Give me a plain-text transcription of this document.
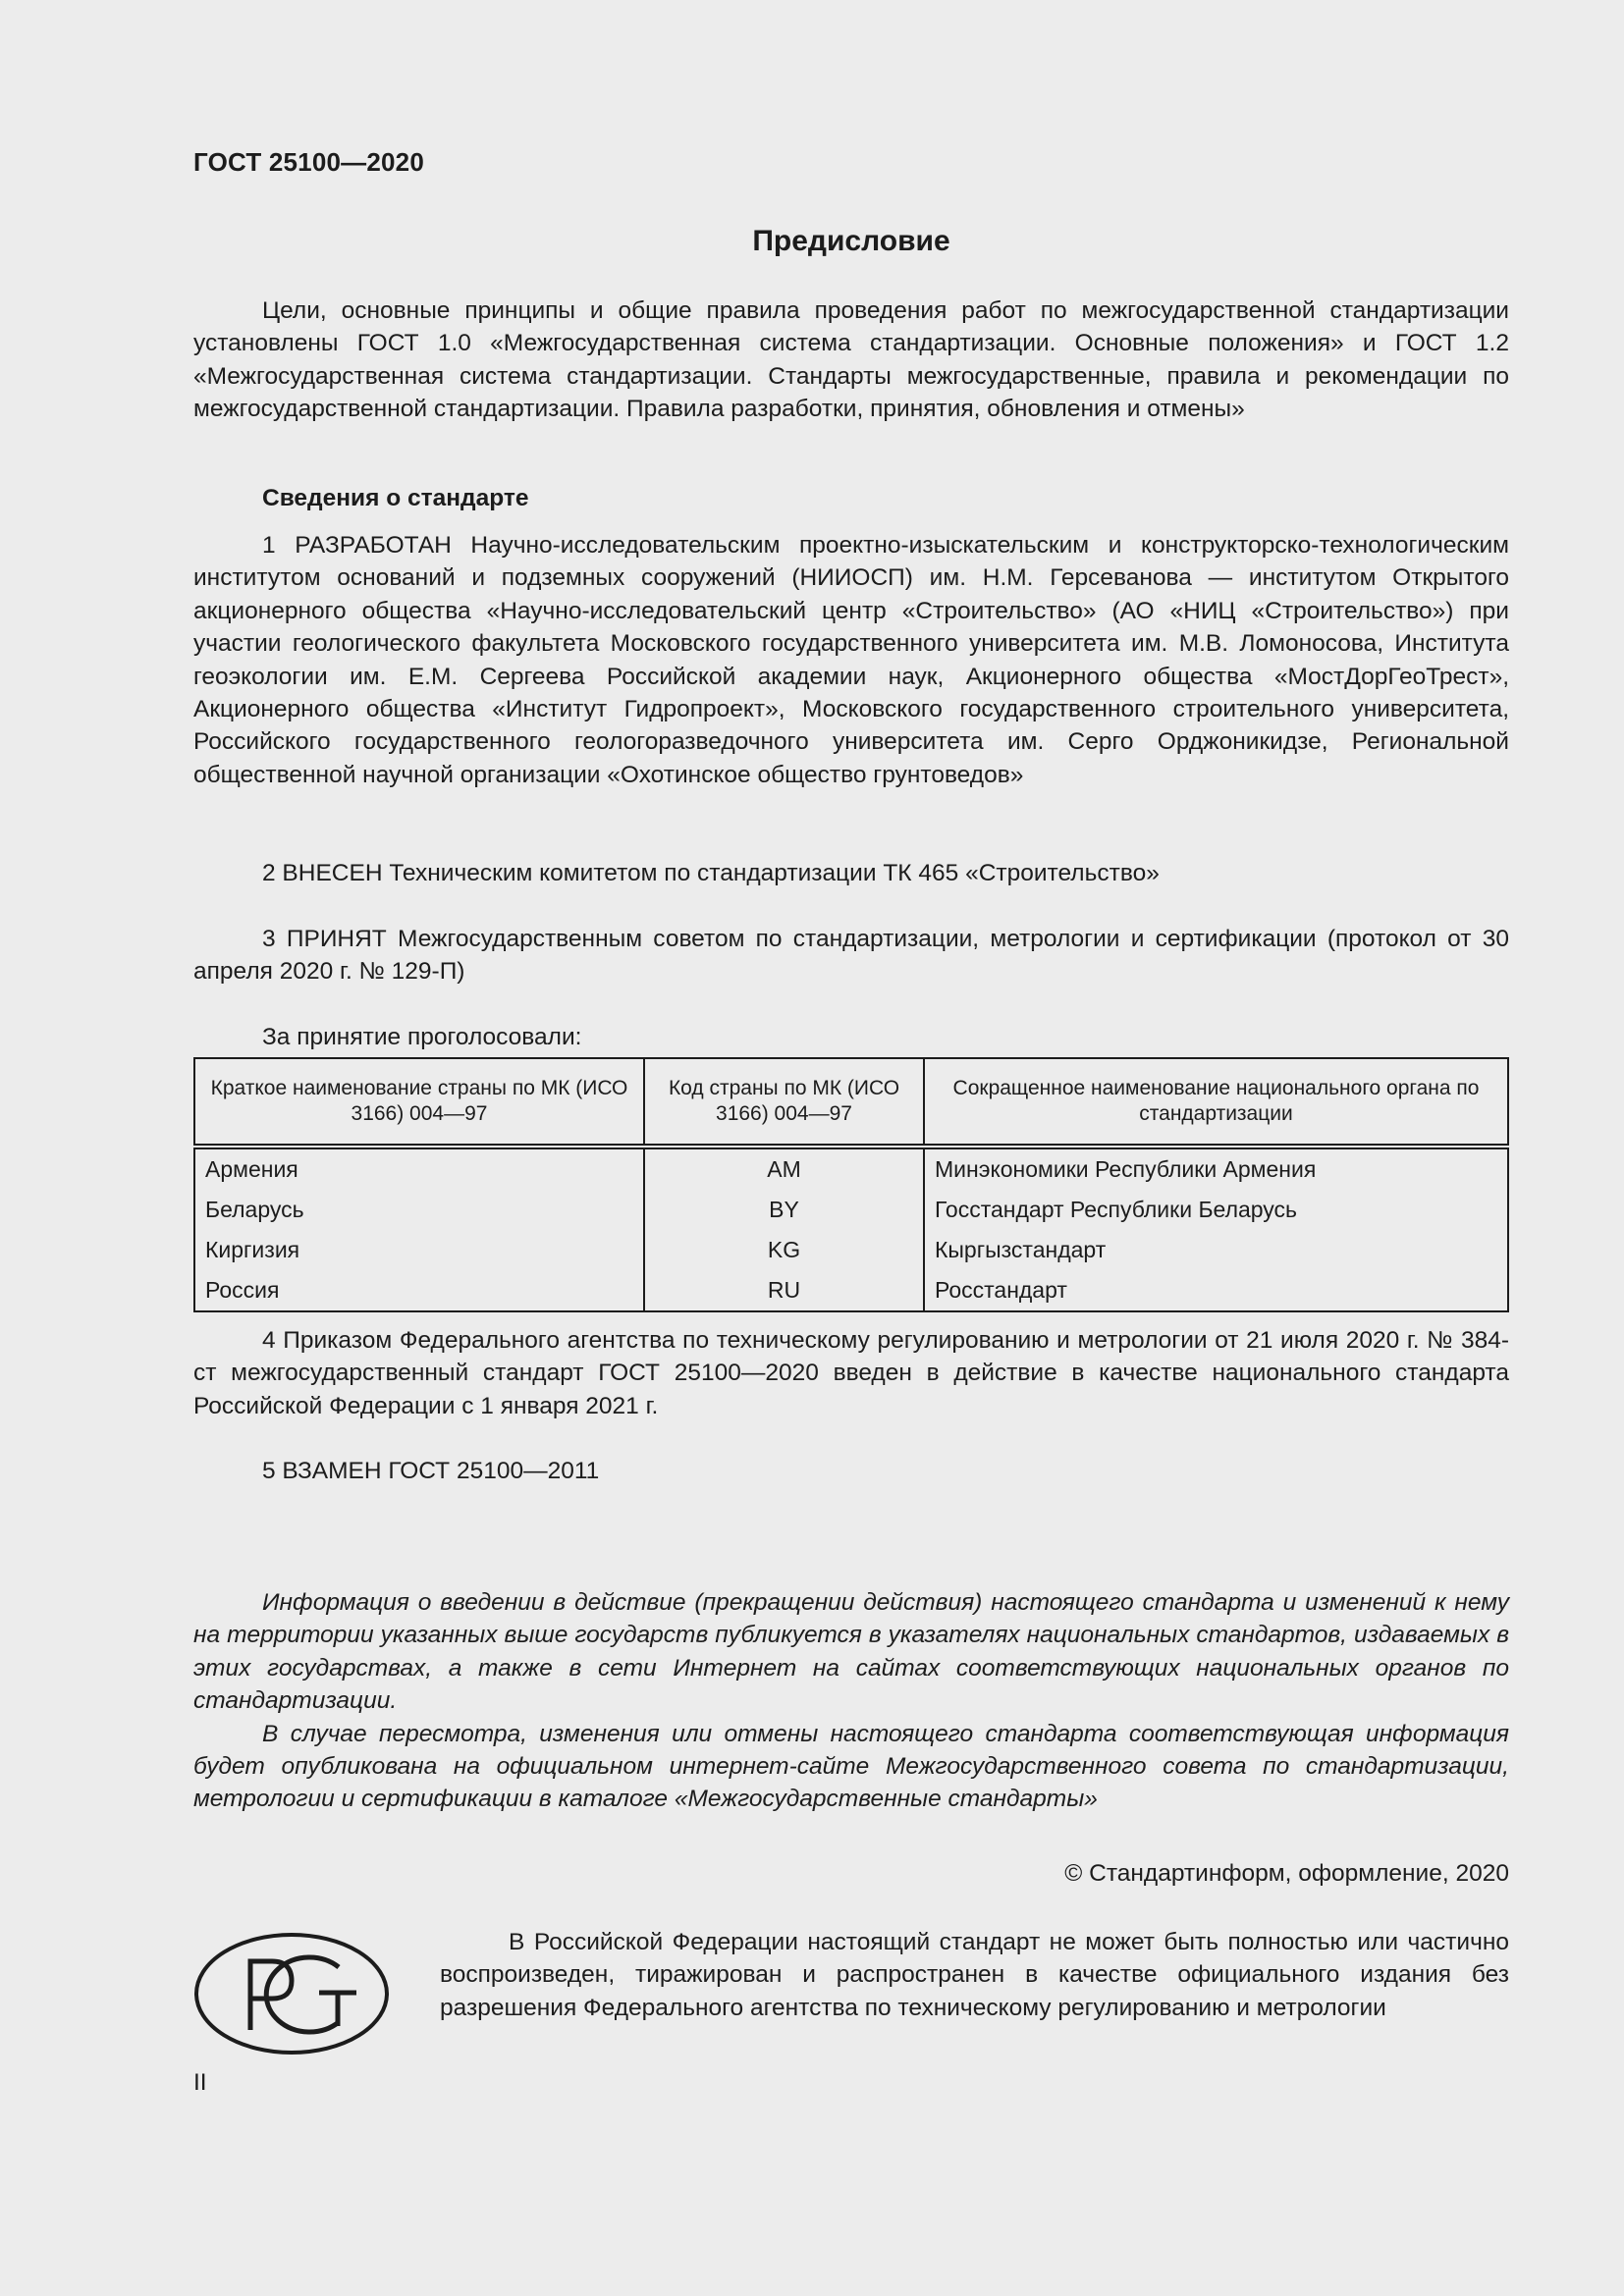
ГОСТ 25100—2020
Предисловие

Цели, основные принципы и общие правила проведения работ по межгосударственной стандартизации установлены ГОСТ 1.0 «Межгосударственная система стандартизации. Основные положения» и ГОСТ 1.2 «Межгосударственная система стандартизации. Стандарты межгосударственные, правила и рекомендации по межгосударственной стандартизации. Правила разработки, принятия, обновления и отмены»

Сведения о стандарте

1 РАЗРАБОТАН Научно-исследовательским проектно-изыскательским и конструкторско-технологическим институтом оснований и подземных сооружений (НИИОСП) им. Н.М. Герсеванова — институтом Открытого акционерного общества «Научно-исследовательский центр «Строительство» (АО «НИЦ «Строительство») при участии геологического факультета Московского государственного университета им. М.В. Ломоносова, Института геоэкологии им. Е.М. Сергеева Российской академии наук, Акционерного общества «МостДорГеоТрест», Акционерного общества «Институт Гидропроект», Московского государственного строительного университета, Российского государственного геологоразведочного университета им. Серго Орджоникидзе, Региональной общественной научной организации «Охотинское общество грунтоведов»

2 ВНЕСЕН Техническим комитетом по стандартизации ТК 465 «Строительство»

3 ПРИНЯТ Межгосударственным советом по стандартизации, метрологии и сертификации (протокол от 30 апреля 2020 г. № 129-П)

За принятие проголосовали:

Краткое наименование страны по МК (ИСО 3166) 004—97	Код страны по МК (ИСО 3166) 004—97	Сокращенное наименование национального органа по стандартизации
Армения	AM	Минэкономики Республики Армения
Беларусь	BY	Госстандарт Республики Беларусь
Киргизия	KG	Кыргызстандарт
Россия	RU	Росстандарт

4 Приказом Федерального агентства по техническому регулированию и метрологии от 21 июля 2020 г. № 384-ст межгосударственный стандарт ГОСТ 25100—2020 введен в действие в качестве национального стандарта Российской Федерации с 1 января 2021 г.

5 ВЗАМЕН ГОСТ 25100—2011

Информация о введении в действие (прекращении действия) настоящего стандарта и изменений к нему на территории указанных выше государств публикуется в указателях национальных стандартов, издаваемых в этих государствах, а также в сети Интернет на сайтах соответствующих национальных органов по стандартизации.

В случае пересмотра, изменения или отмены настоящего стандарта соответствующая информация будет опубликована на официальном интернет-сайте Межгосударственного совета по стандартизации, метрологии и сертификации в каталоге «Межгосударственные стандарты»

© Стандартинформ, оформление, 2020

В Российской Федерации настоящий стандарт не может быть полностью или частично воспроизведен, тиражирован и распространен в качестве официального издания без разрешения Федерального агентства по техническому регулированию и метрологии

II
